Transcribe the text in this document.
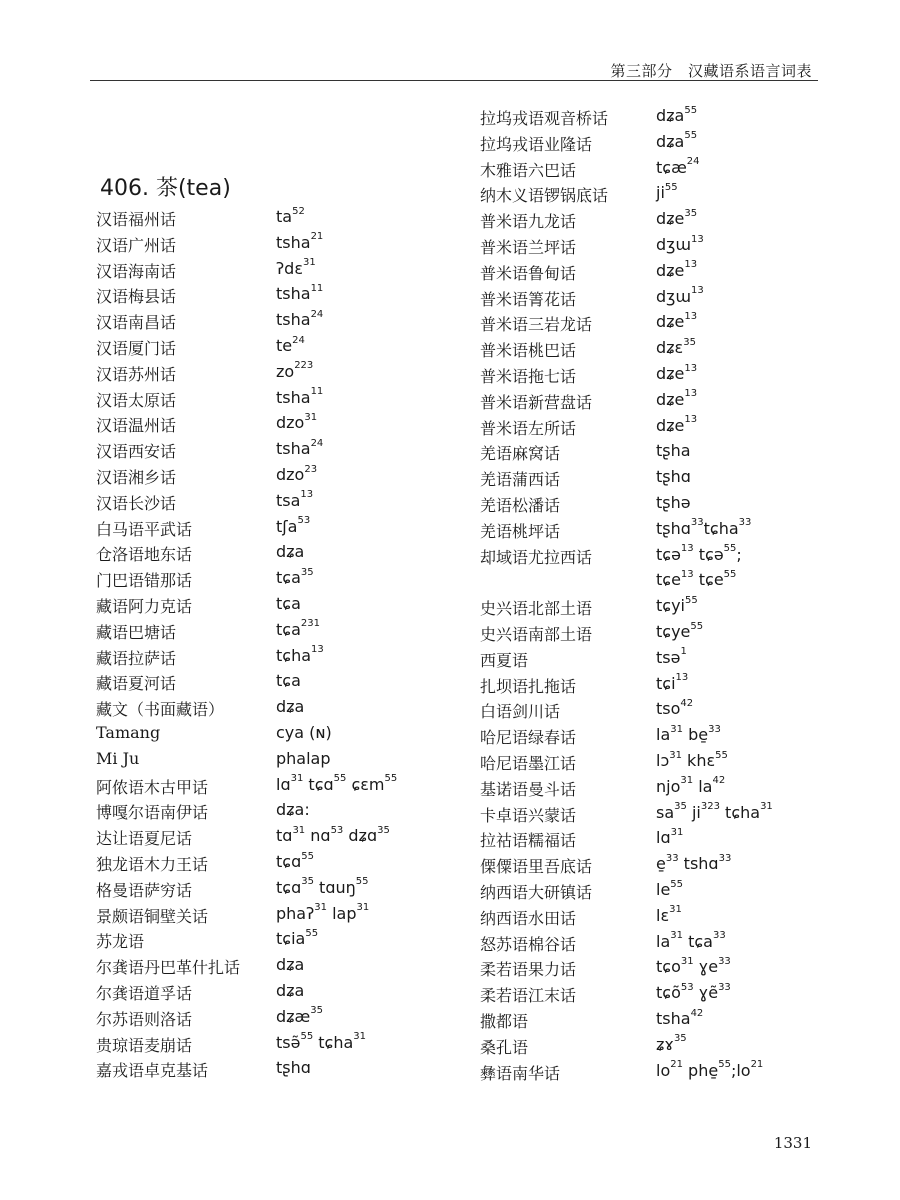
第三部分　汉藏语系语言词表
406. 茶(tea)
汉语福州话	$ta^{52}$
汉语广州话	tsha$^{21}$
汉语海南话	ʔdɛ$^{31}$
汉语梅县话	tsha$^{11}$
汉语南昌话	tsha$^{24}$
汉语厦门话	$te^{24}$
汉语苏州话	$zo^{223}$
汉语太原话	tsha$^{11}$
汉语温州话	dzo$^{31}$
汉语西安话	tsha$^{24}$
汉语湘乡话	dzo$^{23}$
汉语长沙话	tsa$^{13}$
白马语平武话	tʃa$^{53}$
仓洛语地东话	dʑa
门巴语错那话	tɕa$^{35}$
藏语阿力克话	tɕa
藏语巴塘话	tɕa$^{231}$
藏语拉萨话	tɕha$^{13}$
藏语夏河话	tɕa
藏文（书面藏语）	dʑa
Tamang	cya (ɴ)
Mi Ju	phalap
阿侬语木古甲话	lɑ$^{31}$ tɕɑ$^{55}$ ɕɛm$^{55}$
博嘎尔语南伊话	dʑa:
达让语夏尼话	tɑ$^{31}$ nɑ$^{53}$ dʑɑ$^{35}$
独龙语木力王话	tɕɑ$^{55}$
格曼语萨穷话	tɕɑ$^{35}$ tɑuŋ$^{55}$
景颇语铜壁关话	phaʔ$^{31}$ lap$^{31}$
苏龙语	tɕia$^{55}$
尔龚语丹巴革什扎话 dʑa
尔龚语道孚话	dʑa
尔苏语则洛话	dʑæ$^{35}$
贵琼语麦崩话	tsə̃$^{55}$ tɕha$^{31}$
嘉戎语卓克基话	tʂhɑ
拉坞戎语观音桥话	dʑa$^{55}$
拉坞戎语业隆话	dʑa$^{55}$
木雅语六巴话	tɕæ$^{24}$
纳木义语锣锅底话	$ji^{55}$
普米语九龙话	dʑe$^{35}$
普米语兰坪话	dʒɯ$^{13}$
普米语鲁甸话	dʑe$^{13}$
普米语箐花话	dʒɯ$^{13}$
普米语三岩龙话	dʑe$^{13}$
普米语桃巴话	dʑɛ$^{35}$
普米语拖七话	dʑe$^{13}$
普米语新营盘话	dʑe$^{13}$
普米语左所话	dʑe$^{13}$
羌语麻窝话	tʂha
羌语蒲西话	tʂhɑ
羌语松潘话	tʂhə
羌语桃坪话	tʂhɑ$^{33}$tɕha$^{33}$
却域语尤拉西话	tɕə$^{13}$ tɕə$^{55}$;
tɕe$^{13}$ tɕe$^{55}$
史兴语北部土语	tɕyi$^{55}$
史兴语南部土语	tɕye$^{55}$
西夏语	tsə$^1$
扎坝语扎拖话	tɕi$^{13}$
白语剑川话	tso$^{42}$
哈尼语绿春话	$la^{31}$ be̱$^{33}$
哈尼语墨江话	lɔ$^{31}$ khɛ$^{55}$
基诺语曼斗话	njo$^{31}$ $la^{42}$
卡卓语兴蒙话	$sa^{35}$ $ji^{323}$ tɕha$^{31}$
拉祜语糯福话	lɑ$^{31}$
傈僳语里吾底话	e̱$^{33}$ tshɑ$^{33}$
纳西语大研镇话	$le^{55}$
纳西语水田话	lɛ$^{31}$
怒苏语棉谷话	$la^{31}$ tɕa$^{33}$
柔若语果力话	tɕo$^{31}$ ɣe$^{33}$
柔若语江末话	tɕõ$^{53}$ ɣẽ$^{33}$
撒都语	tsha$^{42}$
桑孔语	ʑɤ$^{35}$
彝语南华话	$lo^{21}$ $phe̱^{55};lo^{21}$
1331
